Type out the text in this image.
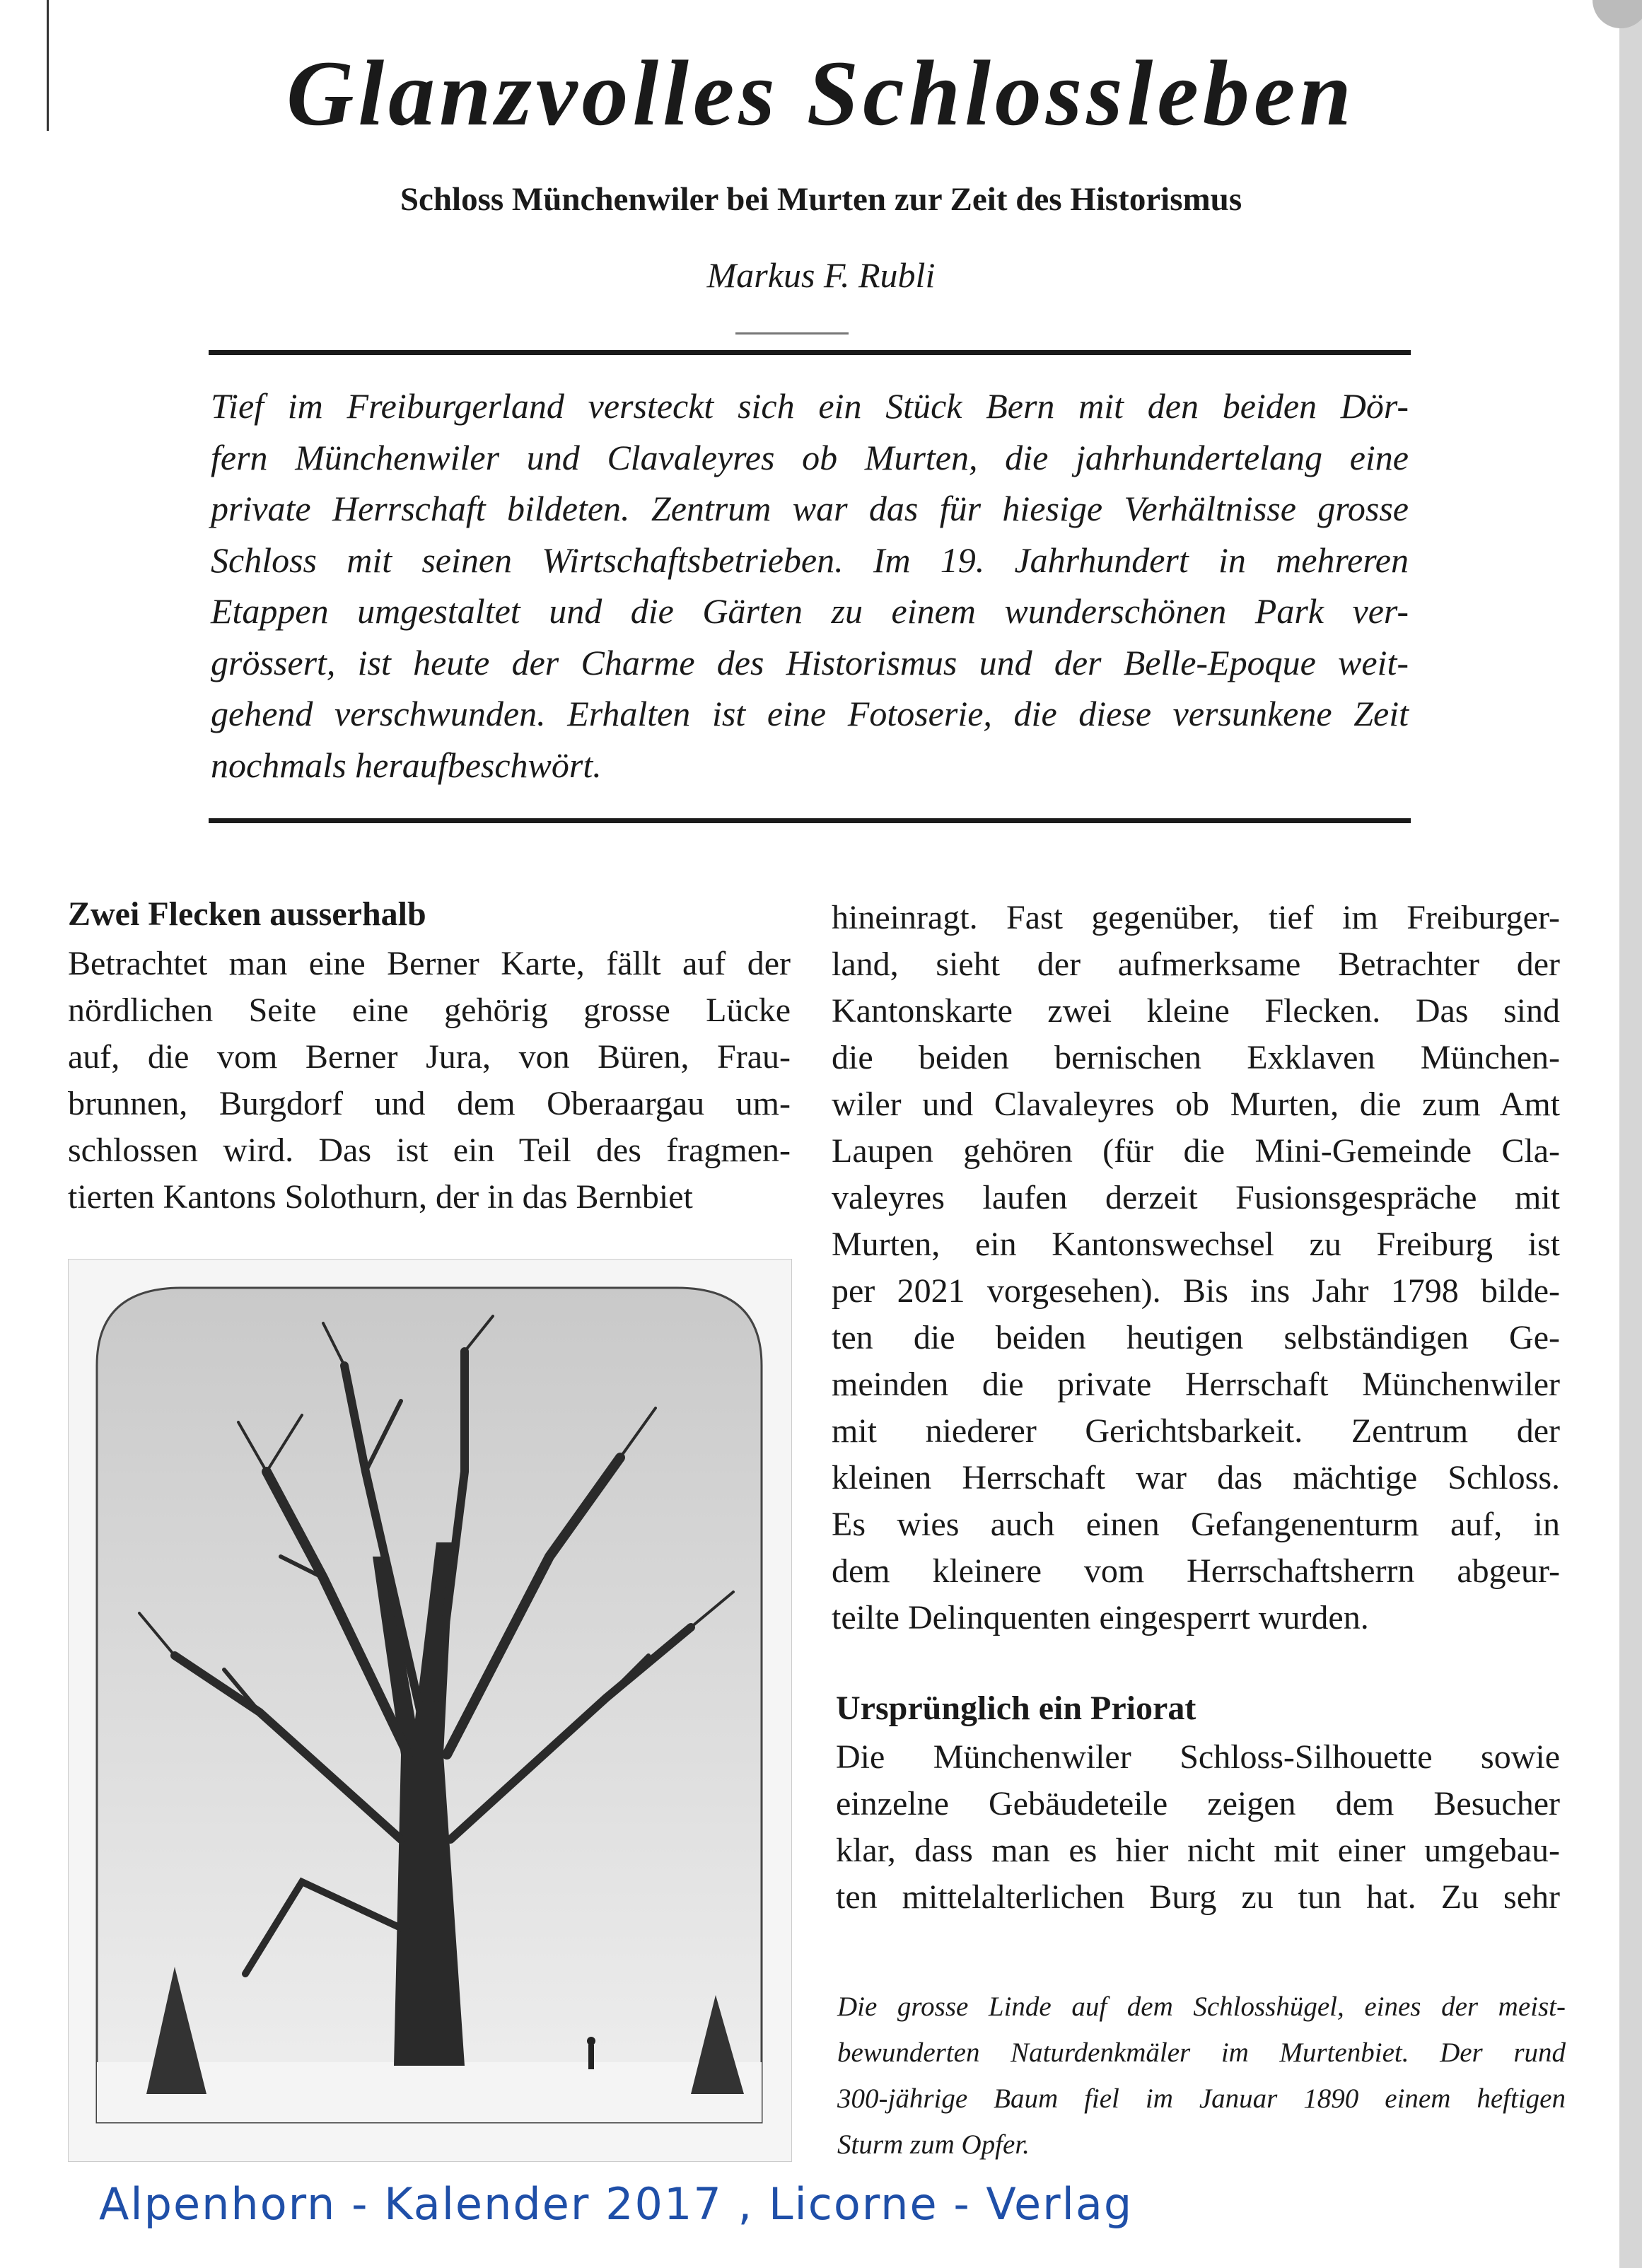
Glanzvolles Schlossleben
Schloss Münchenwiler bei Murten zur Zeit des Historismus
Markus F. Rubli
Tief im Freiburgerland versteckt sich ein Stück Bern mit den beiden Dör-
fern Münchenwiler und Clavaleyres ob Murten, die jahrhundertelang eine
private Herrschaft bildeten. Zentrum war das für hiesige Verhältnisse grosse
Schloss mit seinen Wirtschaftsbetrieben. Im 19. Jahrhundert in mehreren
Etappen umgestaltet und die Gärten zu einem wunderschönen Park ver-
grössert, ist heute der Charme des Historismus und der Belle-Epoque weit-
gehend verschwunden. Erhalten ist eine Fotoserie, die diese versunkene Zeit
nochmals heraufbeschwört.
Zwei Flecken ausserhalb
Betrachtet man eine Berner Karte, fällt auf der
nördlichen Seite eine gehörig grosse Lücke
auf, die vom Berner Jura, von Büren, Frau-
brunnen, Burgdorf und dem Oberaargau um-
schlossen wird. Das ist ein Teil des fragmen-
tierten Kantons Solothurn, der in das Bernbiet
hineinragt. Fast gegenüber, tief im Freiburger-
land, sieht der aufmerksame Betrachter der
Kantonskarte zwei kleine Flecken. Das sind
die beiden bernischen Exklaven München-
wiler und Clavaleyres ob Murten, die zum Amt
Laupen gehören (für die Mini-Gemeinde Cla-
valeyres laufen derzeit Fusionsgespräche mit
Murten, ein Kantonswechsel zu Freiburg ist
per 2021 vorgesehen). Bis ins Jahr 1798 bilde-
ten die beiden heutigen selbständigen Ge-
meinden die private Herrschaft Münchenwiler
mit niederer Gerichtsbarkeit. Zentrum der
kleinen Herrschaft war das mächtige Schloss.
Es wies auch einen Gefangenenturm auf, in
dem kleinere vom Herrschaftsherrn abgeur-
teilte Delinquenten eingesperrt wurden.
Ursprünglich ein Priorat
Die Münchenwiler Schloss-Silhouette sowie
einzelne Gebäudeteile zeigen dem Besucher
klar, dass man es hier nicht mit einer umgebau-
ten mittelalterlichen Burg zu tun hat. Zu sehr
Die grosse Linde auf dem Schlosshügel, eines der meist-
bewunderten Naturdenkmäler im Murtenbiet. Der rund
300-jährige Baum fiel im Januar 1890 einem heftigen
Sturm zum Opfer.
Alpenhorn - Kalender 2017 , Licorne - Verlag
